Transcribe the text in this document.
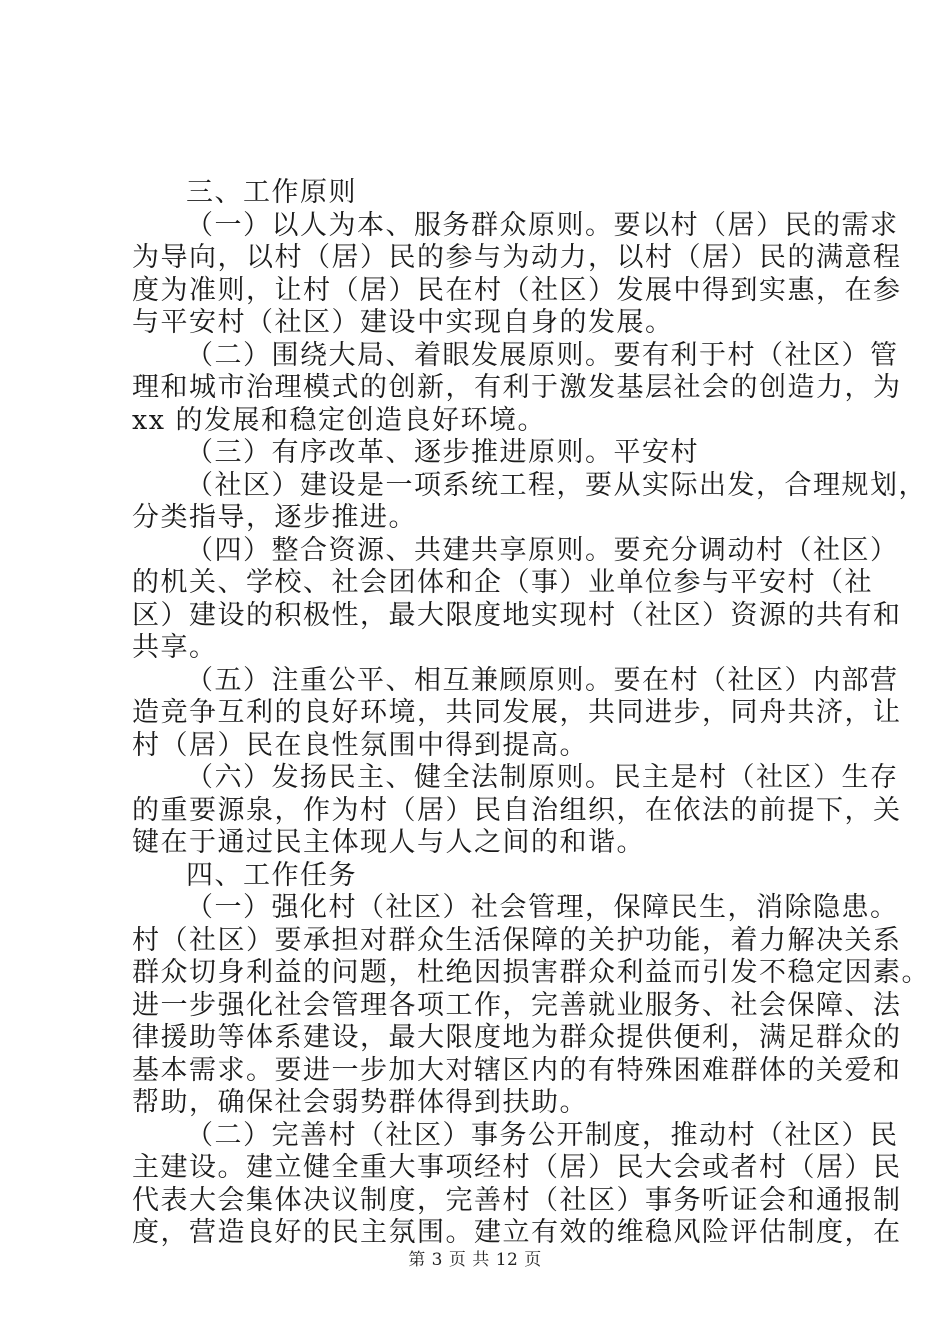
三、工作原则
（一）以人为本、服务群众原则。要以村（居）民的需求
为导向，以村（居）民的参与为动力，以村（居）民的满意程
度为准则，让村（居）民在村（社区）发展中得到实惠，在参
与平安村（社区）建设中实现自身的发展。
（二）围绕大局、着眼发展原则。要有利于村（社区）管
理和城市治理模式的创新，有利于激发基层社会的创造力，为
xx 的发展和稳定创造良好环境。
（三）有序改革、逐步推进原则。平安村
（社区）建设是一项系统工程，要从实际出发，合理规划，
分类指导，逐步推进。
（四）整合资源、共建共享原则。要充分调动村（社区）
的机关、学校、社会团体和企（事）业单位参与平安村（社
区）建设的积极性，最大限度地实现村（社区）资源的共有和
共享。
（五）注重公平、相互兼顾原则。要在村（社区）内部营
造竞争互利的良好环境，共同发展，共同进步，同舟共济，让
村（居）民在良性氛围中得到提高。
（六）发扬民主、健全法制原则。民主是村（社区）生存
的重要源泉，作为村（居）民自治组织，在依法的前提下，关
键在于通过民主体现人与人之间的和谐。
四、工作任务
（一）强化村（社区）社会管理，保障民生，消除隐患。
村（社区）要承担对群众生活保障的关护功能，着力解决关系
群众切身利益的问题，杜绝因损害群众利益而引发不稳定因素。
进一步强化社会管理各项工作，完善就业服务、社会保障、法
律援助等体系建设，最大限度地为群众提供便利，满足群众的
基本需求。要进一步加大对辖区内的有特殊困难群体的关爱和
帮助，确保社会弱势群体得到扶助。
（二）完善村（社区）事务公开制度，推动村（社区）民
主建设。建立健全重大事项经村（居）民大会或者村（居）民
代表大会集体决议制度，完善村（社区）事务听证会和通报制
度，营造良好的民主氛围。建立有效的维稳风险评估制度，在
第 3 页 共 12 页
